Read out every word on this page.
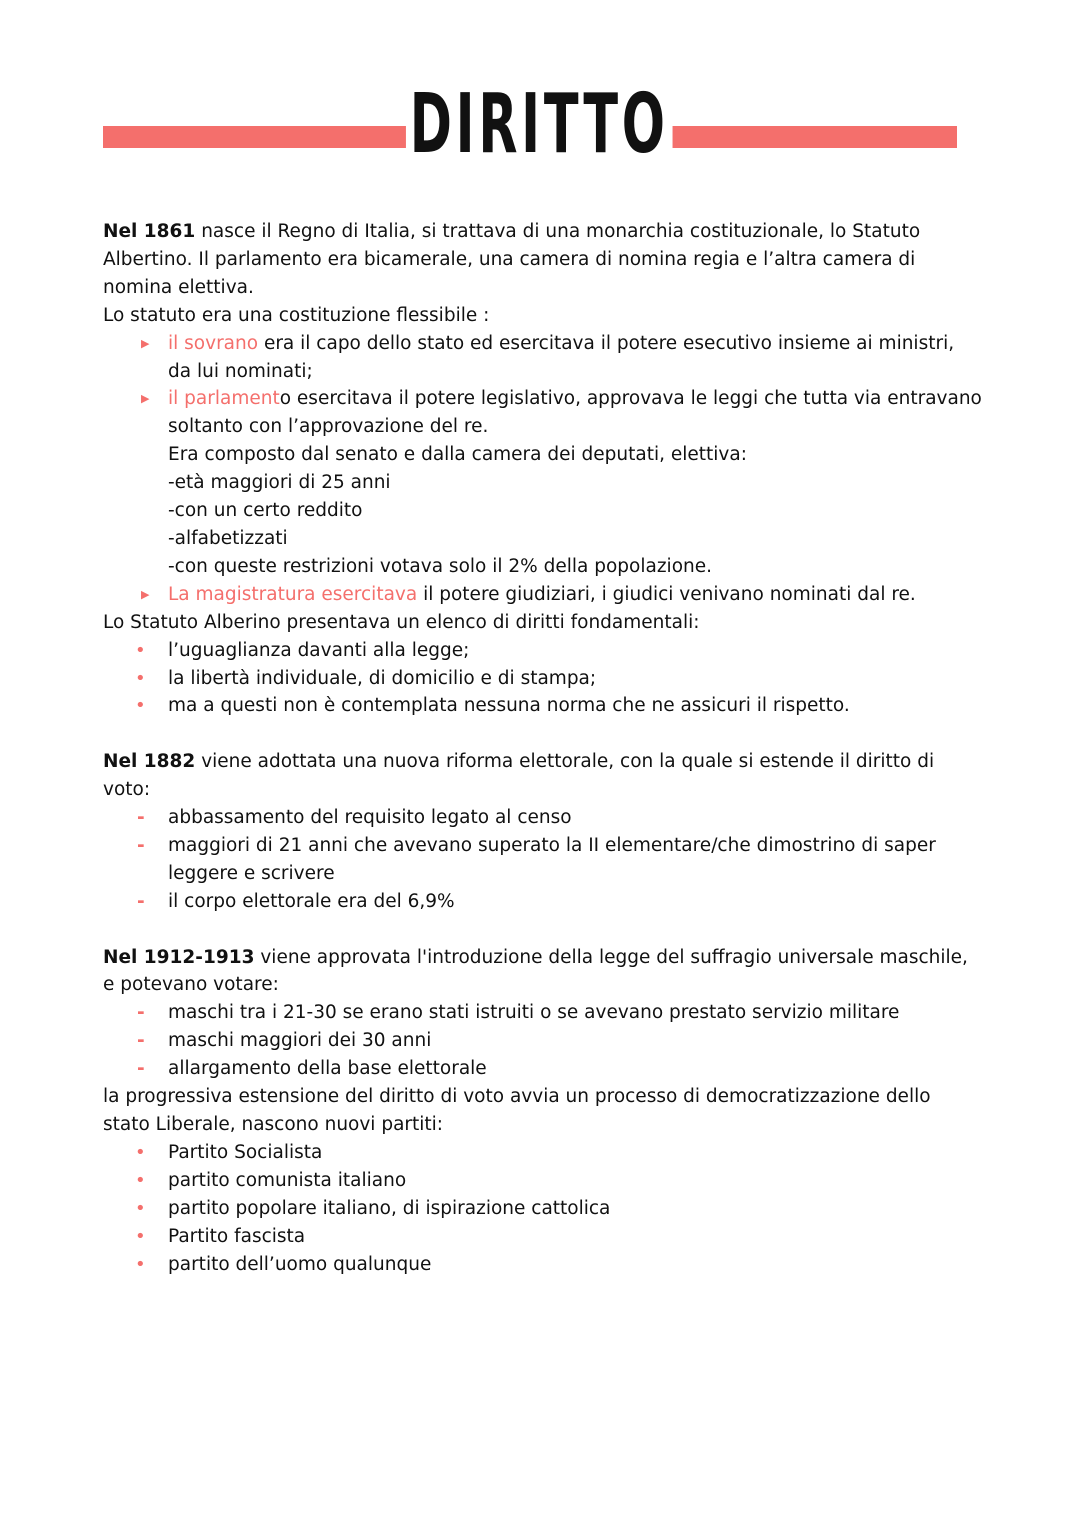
DIRITTO

Nel 1861 nasce il Regno di Italia, si trattava di una monarchia costituzionale, lo Statuto Albertino. Il parlamento era bicamerale, una camera di nomina regia e l’altra camera di nomina elettiva.

Lo statuto era una costituzione flessibile :

▶ il sovrano era il capo dello stato ed esercitava il potere esecutivo insieme ai ministri, da lui nominati;
▶ il parlamento esercitava il potere legislativo, approvava le leggi che tutta via entravano soltanto con l’approvazione del re.

Era composto dal senato e dalla camera dei deputati, elettiva:

-età maggiori di 25 anni

-con un certo reddito

-alfabetizzati

-con queste restrizioni votava solo il 2% della popolazione.

▶ La magistratura esercitava il potere giudiziari, i giudici venivano nominati dal re.

Lo Statuto Alberino presentava un elenco di diritti fondamentali:

• l’uguaglianza davanti alla legge;
• la libertà individuale, di domicilio e di stampa;
• ma a questi non è contemplata nessuna norma che ne assicuri il rispetto.

Nel 1882 viene adottata una nuova riforma elettorale, con la quale si estende il diritto di voto:

- abbassamento del requisito legato al censo
- maggiori di 21 anni che avevano superato la II elementare/che dimostrino di saper leggere e scrivere
- il corpo elettorale era del 6,9%

Nel 1912-1913 viene approvata l'introduzione della legge del suffragio universale maschile, e potevano votare:

- maschi tra i 21-30 se erano stati istruiti o se avevano prestato servizio militare
- maschi maggiori dei 30 anni
- allargamento della base elettorale

la progressiva estensione del diritto di voto avvia un processo di democratizzazione dello stato Liberale, nascono nuovi partiti:

• Partito Socialista
• partito comunista italiano
• partito popolare italiano, di ispirazione cattolica
• Partito fascista
• partito dell’uomo qualunque
